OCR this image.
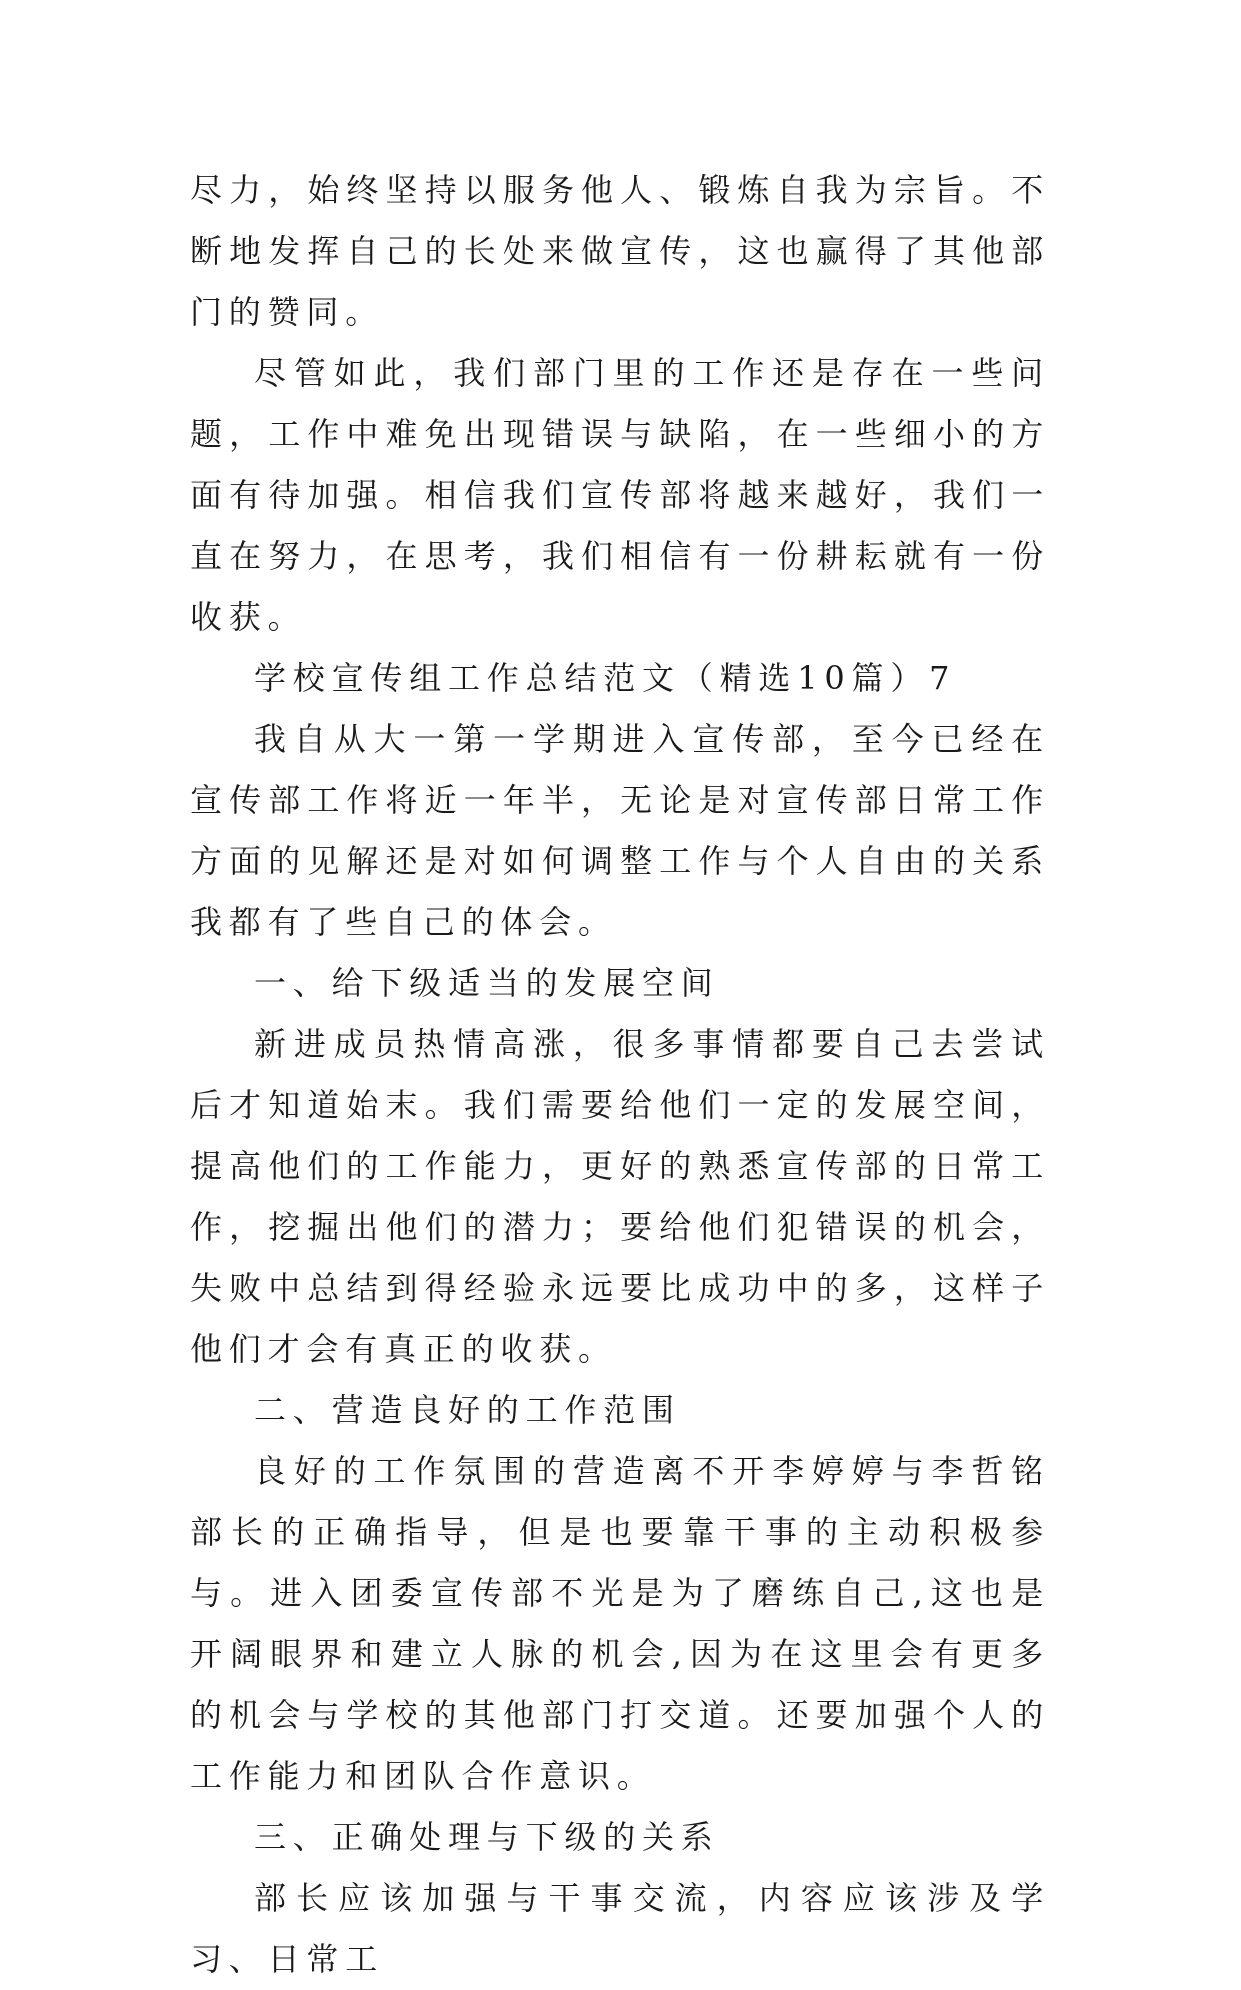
尽力，始终坚持以服务他人、锻炼自我为宗旨。不断地发挥自己的长处来做宣传，这也赢得了其他部门的赞同。

尽管如此，我们部门里的工作还是存在一些问题，工作中难免出现错误与缺陷，在一些细小的方面有待加强。相信我们宣传部将越来越好，我们一直在努力，在思考，我们相信有一份耕耘就有一份收获。

学校宣传组工作总结范文（精选10篇）7

我自从大一第一学期进入宣传部，至今已经在宣传部工作将近一年半，无论是对宣传部日常工作方面的见解还是对如何调整工作与个人自由的关系我都有了些自己的体会。

一、给下级适当的发展空间

新进成员热情高涨，很多事情都要自己去尝试后才知道始末。我们需要给他们一定的发展空间，提高他们的工作能力，更好的熟悉宣传部的日常工作，挖掘出他们的潜力；要给他们犯错误的机会，失败中总结到得经验永远要比成功中的多，这样子他们才会有真正的收获。

二、营造良好的工作范围

良好的工作氛围的营造离不开李婷婷与李哲铭部长的正确指导，但是也要靠干事的主动积极参与。进入团委宣传部不光是为了磨练自己,这也是开阔眼界和建立人脉的机会,因为在这里会有更多的机会与学校的其他部门打交道。还要加强个人的工作能力和团队合作意识。

三、正确处理与下级的关系

部长应该加强与干事交流，内容应该涉及学习、日常工
